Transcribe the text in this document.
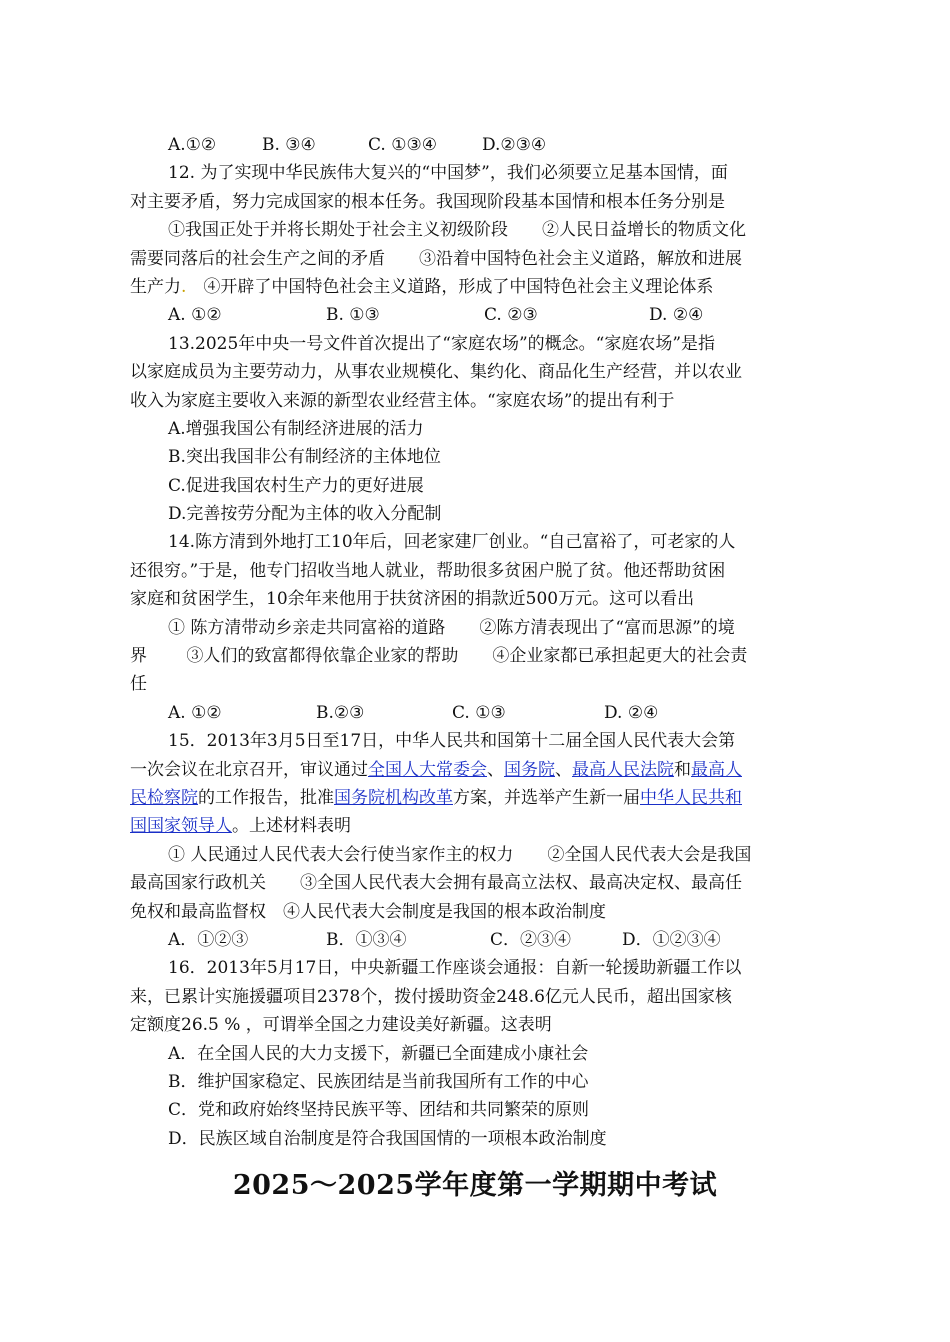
A.①②	B. ③④	C. ①③④	D.②③④
12. 为了实现中华民族伟大复兴的“中国梦”，我们必须要立足基本国情，面
对主要矛盾，努力完成国家的根本任务。我国现阶段基本国情和根本任务分别是
①我国正处于并将长期处于社会主义初级阶段　　②人民日益增长的物质文化
需要同落后的社会生产之间的矛盾　　③沿着中国特色社会主义道路，解放和进展
生产力.　④开辟了中国特色社会主义道路，形成了中国特色社会主义理论体系
A. ①②	B. ①③	C. ②③	D. ②④
13.2025年中央一号文件首次提出了“家庭农场”的概念。“家庭农场”是指
以家庭成员为主要劳动力，从事农业规模化、集约化、商品化生产经营，并以农业
收入为家庭主要收入来源的新型农业经营主体。“家庭农场”的提出有利于
A.增强我国公有制经济进展的活力
B.突出我国非公有制经济的主体地位
C.促进我国农村生产力的更好进展
D.完善按劳分配为主体的收入分配制
14.陈方清到外地打工10年后，回老家建厂创业。“自己富裕了，可老家的人
还很穷。”于是，他专门招收当地人就业，帮助很多贫困户脱了贫。他还帮助贫困
家庭和贫困学生，10余年来他用于扶贫济困的捐款近500万元。这可以看出
① 陈方清带动乡亲走共同富裕的道路　　②陈方清表现出了“富而思源”的境
界　　 ③人们的致富都得依靠企业家的帮助　　④企业家都已承担起更大的社会责
任
A. ①②	B.②③	C. ①③	D. ②④
15．2013年3月5日至17日，中华人民共和国第十二届全国人民代表大会第
一次会议在北京召开，审议通过全国人大常委会、国务院、最高人民法院和最高人
民检察院的工作报告，批准国务院机构改革方案，并选举产生新一届中华人民共和
国国家领导人。上述材料表明
① 人民通过人民代表大会行使当家作主的权力　　②全国人民代表大会是我国
最高国家行政机关　　③全国人民代表大会拥有最高立法权、最高决定权、最高任
免权和最高监督权　④人民代表大会制度是我国的根本政治制度
A．①②③	B．①③④	C．②③④	D．①②③④
16．2013年5月17日，中央新疆工作座谈会通报：自新一轮援助新疆工作以
来，已累计实施援疆项目2378个，拨付援助资金248.6亿元人民币，超出国家核
定额度26.5 % ，可谓举全国之力建设美好新疆。这表明
A．在全国人民的大力支援下，新疆已全面建成小康社会
B．维护国家稳定、民族团结是当前我国所有工作的中心
C．党和政府始终坚持民族平等、团结和共同繁荣的原则
D．民族区域自治制度是符合我国国情的一项根本政治制度
2025～2025学年度第一学期期中考试
